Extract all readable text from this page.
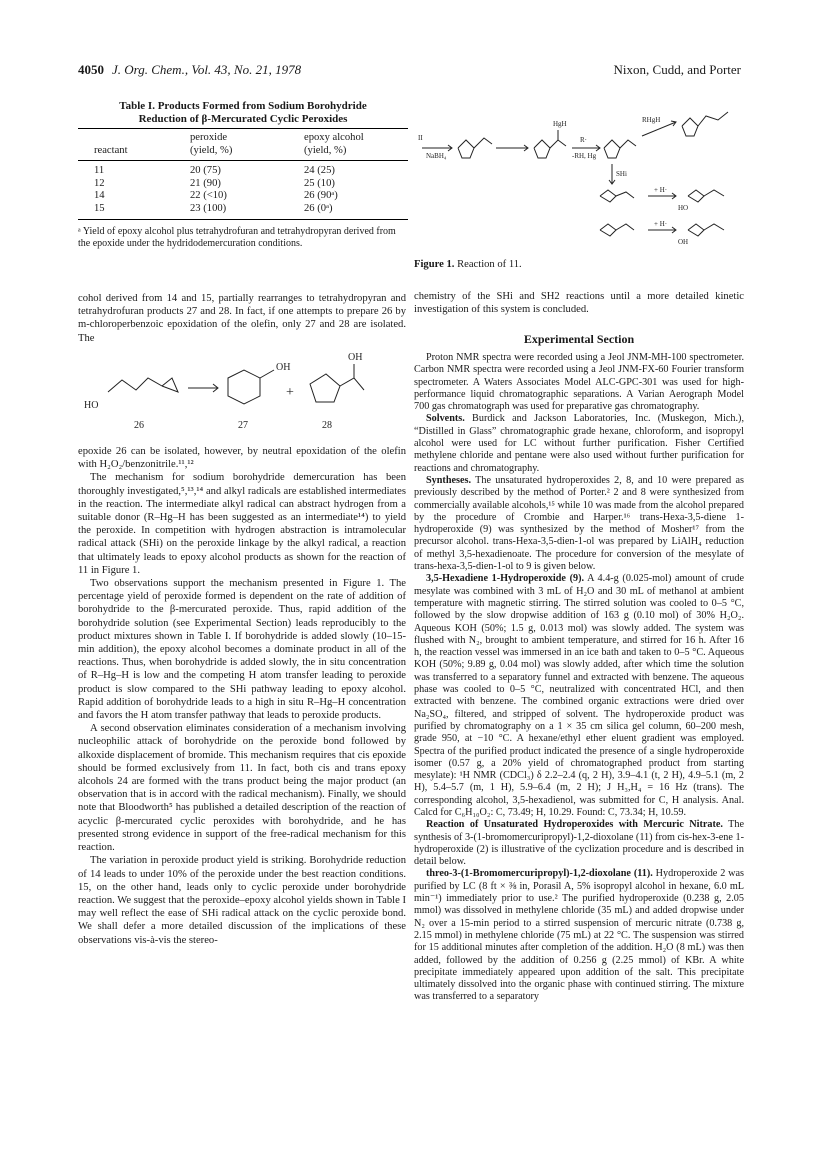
4050 J. Org. Chem., Vol. 43, No. 21, 1978	Nixon, Cudd, and Porter
Table I. Products Formed from Sodium Borohydride
Reduction of β-Mercurated Cyclic Peroxides
	peroxide	epoxy alcohol
reactant	(yield, %)	(yield, %)
11	20 (75)	24 (25)
12	21 (90)	25 (10)
14	22 (<10)	26 (90ᵃ)
15	23 (100)	26 (0ᵃ)
ᵃ Yield of epoxy alcohol plus tetrahydrofuran and tetrahydropyran derived from the epoxide under the hydridodemercuration conditions.
II
NaBH₄
HgH
R·
-RH, Hg
RHgH
SHi
+ H·
+ H·
HO
OH
Figure 1. Reaction of 11.

cohol derived from 14 and 15, partially rearranges to tetrahydropyran and tetrahydrofuran products 27 and 28. In fact, if one attempts to prepare 26 by m-chloroperbenzoic epoxidation of the olefin, only 27 and 28 are isolated. The

HO
OH
OH
+
26	27	28

epoxide 26 can be isolated, however, by neutral epoxidation of the olefin with H₂O₂/benzonitrile.¹¹,¹²

The mechanism for sodium borohydride demercuration has been thoroughly investigated,⁵,¹³,¹⁴ and alkyl radicals are established intermediates in the reaction. The intermediate alkyl radical can abstract hydrogen from a suitable donor (R–Hg–H has been suggested as an intermediate¹⁴) to yield the peroxide. In competition with hydrogen abstraction is intramolecular radical attack (SHi) on the peroxide linkage by the alkyl radical, a reaction that ultimately leads to epoxy alcohol products as shown for the reaction of 11 in Figure 1.

Two observations support the mechanism presented in Figure 1. The percentage yield of peroxide formed is dependent on the rate of addition of borohydride to the β-mercurated peroxide. Thus, rapid addition of the borohydride solution (see Experimental Section) leads reproducibly to the product mixtures shown in Table I. If borohydride is added slowly (10–15-min addition), the epoxy alcohol becomes a dominate product in all of the reactions. Thus, when borohydride is added slowly, the in situ concentration of R–Hg–H is low and the competing H atom transfer leading to peroxide product is slow compared to the SHi pathway leading to epoxy alcohol. Rapid addition of borohydride leads to a high in situ R–Hg–H concentration and favors the H atom transfer pathway that leads to peroxide products.

A second observation eliminates consideration of a mechanism involving nucleophilic attack of borohydride on the peroxide bond followed by alkoxide displacement of bromide. This mechanism requires that cis epoxide should be formed exclusively from 11. In fact, both cis and trans epoxy alcohols 24 are formed with the trans product being the major product (an observation that is in accord with the radical mechanism). Finally, we should note that Bloodworth⁵ has published a detailed description of the reaction of acyclic β-mercurated cyclic peroxides with borohydride, and he has presented strong evidence in support of the free-radical mechanism for this reaction.

The variation in peroxide product yield is striking. Borohydride reduction of 14 leads to under 10% of the peroxide under the best reaction conditions. 15, on the other hand, leads only to cyclic peroxide under borohydride reaction. We suggest that the peroxide–epoxy alcohol yields shown in Table I may well reflect the ease of SHi radical attack on the cyclic peroxide bond. We shall defer a more detailed discussion of the implications of these observations vis-à-vis the stereo-

chemistry of the SHi and SH2 reactions until a more detailed kinetic investigation of this system is concluded.

Experimental Section

Proton NMR spectra were recorded using a Jeol JNM-MH-100 spectrometer. Carbon NMR spectra were recorded using a Jeol JNM-FX-60 Fourier transform spectrometer. A Waters Associates Model ALC-GPC-301 was used for high-performance liquid chromatographic separations. A Varian Aerograph Model 700 gas chromatograph was used for preparative gas chromatography.

Solvents. Burdick and Jackson Laboratories, Inc. (Muskegon, Mich.), “Distilled in Glass” chromatographic grade hexane, chloroform, and isopropyl alcohol were used for LC without further purification. Fisher Certified methylene chloride and pentane were also used without further purification for reactions and chromatography.

Syntheses. The unsaturated hydroperoxides 2, 8, and 10 were prepared as previously described by the method of Porter.² 2 and 8 were synthesized from commercially available alcohols,¹⁵ while 10 was made from the alcohol prepared by the procedure of Crombie and Harper.¹⁶ trans-Hexa-3,5-diene 1-hydroperoxide (9) was synthesized by the method of Mosher¹⁷ from the precursor alcohol. trans-Hexa-3,5-dien-1-ol was prepared by LiAlH₄ reduction of methyl 3,5-hexadienoate. The procedure for conversion of the mesylate of trans-hexa-3,5-dien-1-ol to 9 is given below.

3,5-Hexadiene 1-Hydroperoxide (9). A 4.4-g (0.025-mol) amount of crude mesylate was combined with 3 mL of H₂O and 30 mL of methanol at ambient temperature with magnetic stirring. The stirred solution was cooled to 0–5 °C, followed by the slow dropwise addition of 163 g (0.10 mol) of 30% H₂O₂. Aqueous KOH (50%; 1.5 g, 0.013 mol) was slowly added. The system was flushed with N₂, brought to ambient temperature, and stirred for 16 h. After 16 h, the reaction vessel was immersed in an ice bath and taken to 0–5 °C. Aqueous KOH (50%; 9.89 g, 0.04 mol) was slowly added, after which time the solution was transferred to a separatory funnel and extracted with benzene. The aqueous phase was cooled to 0–5 °C, neutralized with concentrated HCl, and then extracted with benzene. The combined organic extractions were dried over Na₂SO₄, filtered, and stripped of solvent. The hydroperoxide product was purified by chromatography on a 1 × 35 cm silica gel column, 60–200 mesh, grade 950, at −10 °C. A hexane/ethyl ether eluent gradient was employed. Spectra of the purified product indicated the presence of a single hydroperoxide isomer (0.57 g, a 20% yield of chromatographed product from starting mesylate): ¹H NMR (CDCl₃) δ 2.2–2.4 (q, 2 H), 3.9–4.1 (t, 2 H), 4.9–5.1 (m, 2 H), 5.4–5.7 (m, 1 H), 5.9–6.4 (m, 2 H); J H₃,H₄ = 16 Hz (trans). The corresponding alcohol, 3,5-hexadienol, was submitted for C, H analysis. Anal. Calcd for C₆H₁₀O₂: C, 73.49; H, 10.29. Found: C, 73.34; H, 10.59.

Reaction of Unsaturated Hydroperoxides with Mercuric Nitrate. The synthesis of 3-(1-bromomercuripropyl)-1,2-dioxolane (11) from cis-hex-3-ene 1-hydroperoxide (2) is illustrative of the cyclization procedure and is described in detail below.

threo-3-(1-Bromomercuripropyl)-1,2-dioxolane (11). Hydroperoxide 2 was purified by LC (8 ft × ⅜ in, Porasil A, 5% isopropyl alcohol in hexane, 6.0 mL min⁻¹) immediately prior to use.² The purified hydroperoxide (0.238 g, 2.05 mmol) was dissolved in methylene chloride (35 mL) and added dropwise under N₂ over a 15-min period to a stirred suspension of mercuric nitrate (0.738 g, 2.15 mmol) in methylene chloride (75 mL) at 22 °C. The suspension was stirred for 15 additional minutes after completion of the addition. H₂O (8 mL) was then added, followed by the addition of 0.256 g (2.25 mmol) of KBr. A white precipitate immediately appeared upon addition of the salt. This precipitate ultimately dissolved into the organic phase with continued stirring. The mixture was transferred to a separatory
